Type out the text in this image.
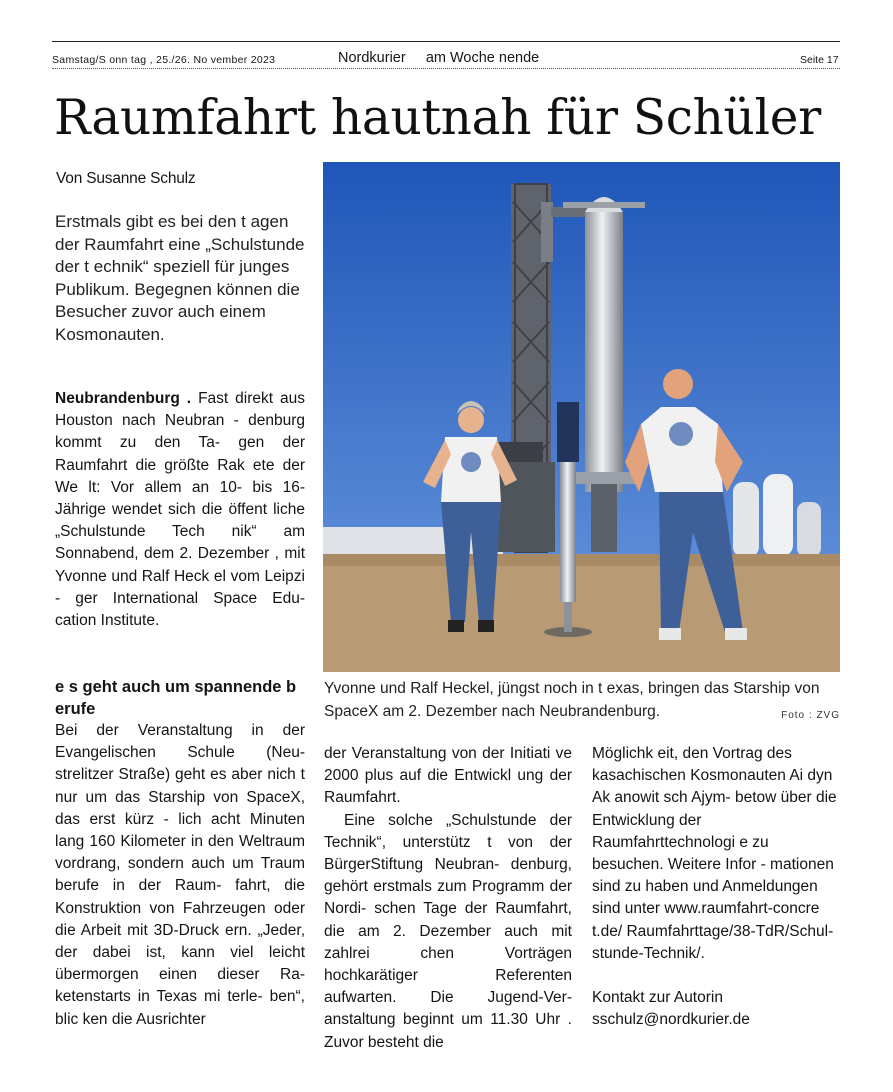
Samstag/S onn tag , 25./26. No vember 2023	Nordkurier     am Woche nende	Seite 17
Raumfahrt hautnah für Schüler
Von Susanne Schulz

Erstmals gibt es bei den t agen der Raumfahrt eine „Schulstunde der t echnik“ speziell für junges Publikum. Begegnen können die Besucher zuvor auch einem Kosmonauten.

Neubrandenburg . Fast direkt aus Houston nach Neubran - denburg kommt zu den Ta- gen der Raumfahrt die größte Rak ete der We lt: Vor allem an 10- bis 16-Jährige wendet sich die öffent liche „Schulstunde Tech nik“ am Sonnabend, dem 2. Dezember , mit Yvonne und Ralf Heck el vom Leipzi - ger International Space Edu- cation Institute.

e s geht auch um spannende b erufe

Bei der Veranstaltung in der Evangelischen Schule (Neu- strelitzer Straße) geht es aber nich t nur um das Starship von SpaceX, das erst kürz - lich acht Minuten lang 160 Kilometer in den Weltraum vordrang, sondern auch um Traum berufe in der Raum- fahrt, die Konstruktion von Fahrzeugen oder die Arbeit mit 3D-Druck ern. „Jeder, der dabei ist, kann viel leicht übermorgen einen dieser Ra- ketenstarts in Texas mi terle- ben“, blic ken die Ausrichter

Yvonne und Ralf Heckel, jüngst noch in t exas, bringen das Starship von SpaceX am 2. Dezember nach Neubrandenburg.	Foto : ZVG

der Veranstaltung von der Initiati ve 2000 plus auf die Entwickl ung der Raumfahrt.

Eine solche „Schulstunde der Technik“, unterstütz t von der BürgerStiftung Neubran- denburg, gehört erstmals zum Programm der Nordi- schen Tage der Raumfahrt, die am 2. Dezember auch mit zahlrei chen Vorträgen hochkarätiger Referenten aufwarten. Die Jugend-Ver- anstaltung beginnt um 11.30 Uhr . Zuvor besteht die

Möglichk eit, den Vortrag des kasachischen Kosmonauten Ai dyn Ak anowit sch Ajym- betow über die Entwicklung der Raumfahrttechnologi e zu besuchen. Weitere Infor - mationen sind zu haben und Anmeldungen sind unter www.raumfahrt-concre t.de/ Raumfahrttage/38-TdR/Schul- stunde-Technik/.

Kontakt zur Autorin

sschulz@nordkurier.de
